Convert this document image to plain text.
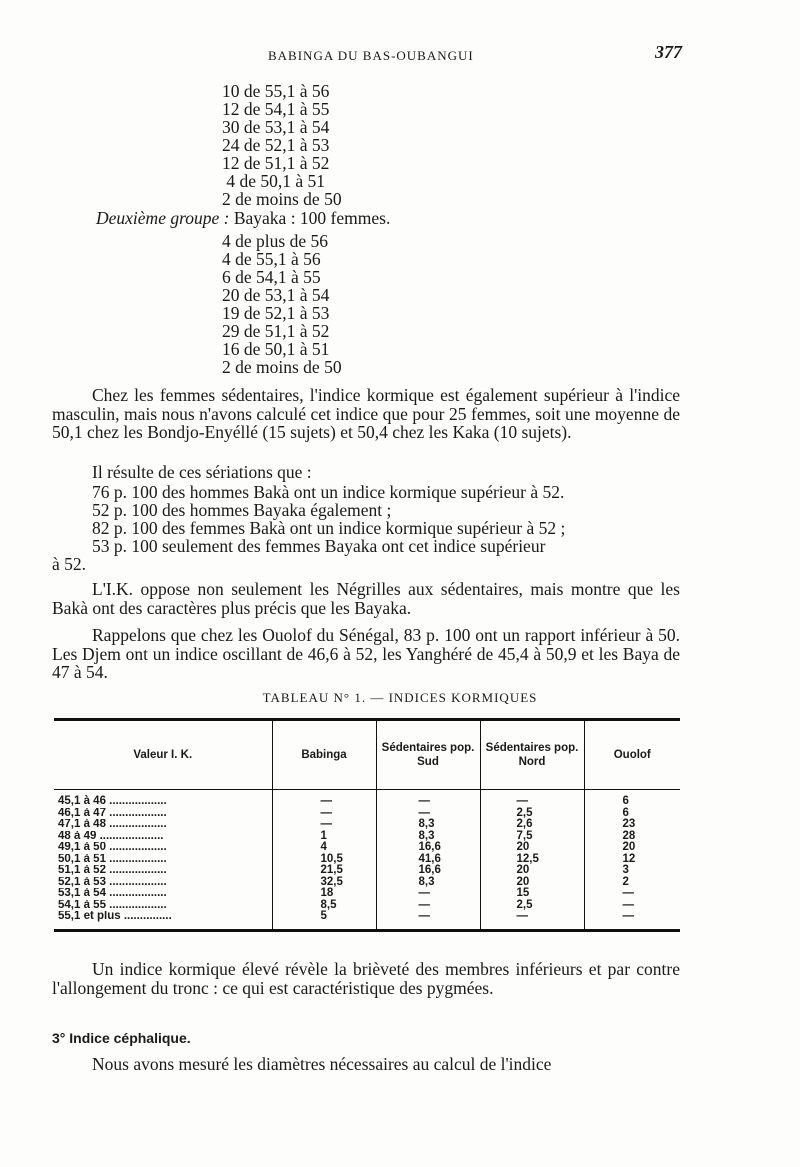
BABINGA DU BAS-OUBANGUI	377
10 de 55,1 à 56
12 de 54,1 à 55
30 de 53,1 à 54
24 de 52,1 à 53
12 de 51,1 à 52
4 de 50,1 à 51
2 de moins de 50
Deuxième groupe : Bayaka : 100 femmes.
4 de plus de 56
4 de 55,1 à 56
6 de 54,1 à 55
20 de 53,1 à 54
19 de 52,1 à 53
29 de 51,1 à 52
16 de 50,1 à 51
2 de moins de 50
Chez les femmes sédentaires, l'indice kormique est également supérieur à l'indice masculin, mais nous n'avons calculé cet indice que pour 25 femmes, soit une moyenne de 50,1 chez les Bondjo-Enyéllé (15 sujets) et 50,4 chez les Kaka (10 sujets).
Il résulte de ces sériations que :
76 p. 100 des hommes Bakà ont un indice kormique supérieur à 52.
52 p. 100 des hommes Bayaka également ;
82 p. 100 des femmes Bakà ont un indice kormique supérieur à 52 ;
53 p. 100 seulement des femmes Bayaka ont cet indice supérieur
à 52.
L'I.K. oppose non seulement les Négrilles aux sédentaires, mais montre que les Bakà ont des caractères plus précis que les Bayaka.
Rappelons que chez les Ouolof du Sénégal, 83 p. 100 ont un rapport inférieur à 50. Les Djem ont un indice oscillant de 46,6 à 52, les Yanghéré de 45,4 à 50,9 et les Baya de 47 à 54.
TABLEAU N° 1. — INDICES KORMIQUES
Valeur I. K.	Babinga	Sédentaires pop. Sud	Sédentaires pop. Nord	Ouolof
45,1 à 46 ..................	—	—	—	6
46,1 à 47 ..................	—	—	2,5	6
47,1 à 48 ..................	—	8,3	2,6	23
48 à 49 ....................	1	8,3	7,5	28
49,1 à 50 ..................	4	16,6	20	20
50,1 à 51 ..................	10,5	41,6	12,5	12
51,1 à 52 ..................	21,5	16,6	20	3
52,1 à 53 ..................	32,5	8,3	20	2
53,1 à 54 ..................	18	—	15	—
54,1 à 55 ..................	8,5	—	2,5	—
55,1 et plus ...............	5	—	—	—
Un indice kormique élevé révèle la brièveté des membres inférieurs et par contre l'allongement du tronc : ce qui est caractéristique des pygmées.
3° Indice céphalique.
Nous avons mesuré les diamètres nécessaires au calcul de l'indice
